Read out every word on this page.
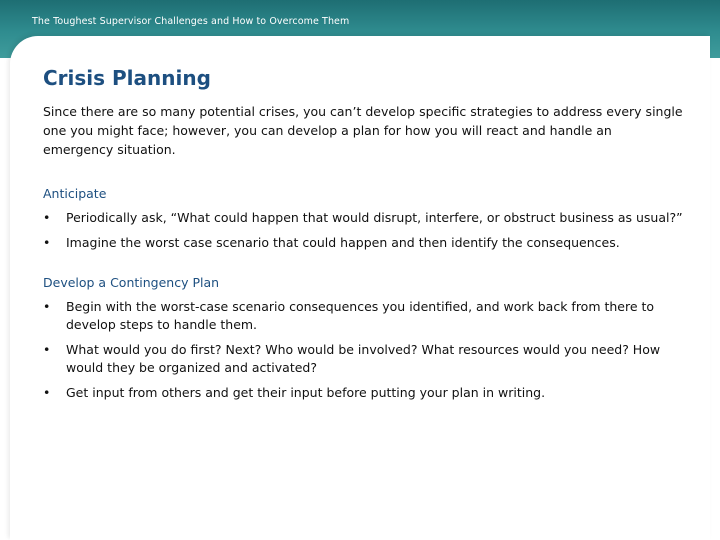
The Toughest Supervisor Challenges and How to Overcome Them
Crisis Planning
Since there are so many potential crises, you can’t develop specific strategies to address every single one you might face; however, you can develop a plan for how you will react and handle an emergency situation.
Anticipate
• Periodically ask, “What could happen that would disrupt, interfere, or obstruct business as usual?”
• Imagine the worst case scenario that could happen and then identify the consequences.
Develop a Contingency Plan
• Begin with the worst-case scenario consequences you identified, and work back from there to develop steps to handle them.
• What would you do first? Next? Who would be involved? What resources would you need? How would they be organized and activated?
• Get input from others and get their input before putting your plan in writing.
